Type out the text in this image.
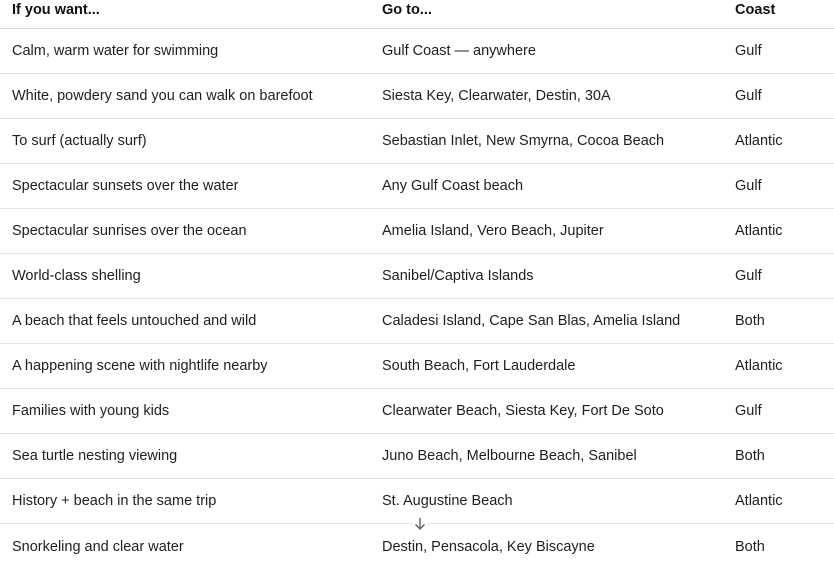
If you want...	Go to...	Coast
Calm, warm water for swimming	Gulf Coast — anywhere	Gulf
White, powdery sand you can walk on barefoot	Siesta Key, Clearwater, Destin, 30A	Gulf
To surf (actually surf)	Sebastian Inlet, New Smyrna, Cocoa Beach	Atlantic
Spectacular sunsets over the water	Any Gulf Coast beach	Gulf
Spectacular sunrises over the ocean	Amelia Island, Vero Beach, Jupiter	Atlantic
World-class shelling	Sanibel/Captiva Islands	Gulf
A beach that feels untouched and wild	Caladesi Island, Cape San Blas, Amelia Island	Both
A happening scene with nightlife nearby	South Beach, Fort Lauderdale	Atlantic
Families with young kids	Clearwater Beach, Siesta Key, Fort De Soto	Gulf
Sea turtle nesting viewing	Juno Beach, Melbourne Beach, Sanibel	Both
History + beach in the same trip	St. Augustine Beach	Atlantic
Snorkeling and clear water	Destin, Pensacola, Key Biscayne	Both
